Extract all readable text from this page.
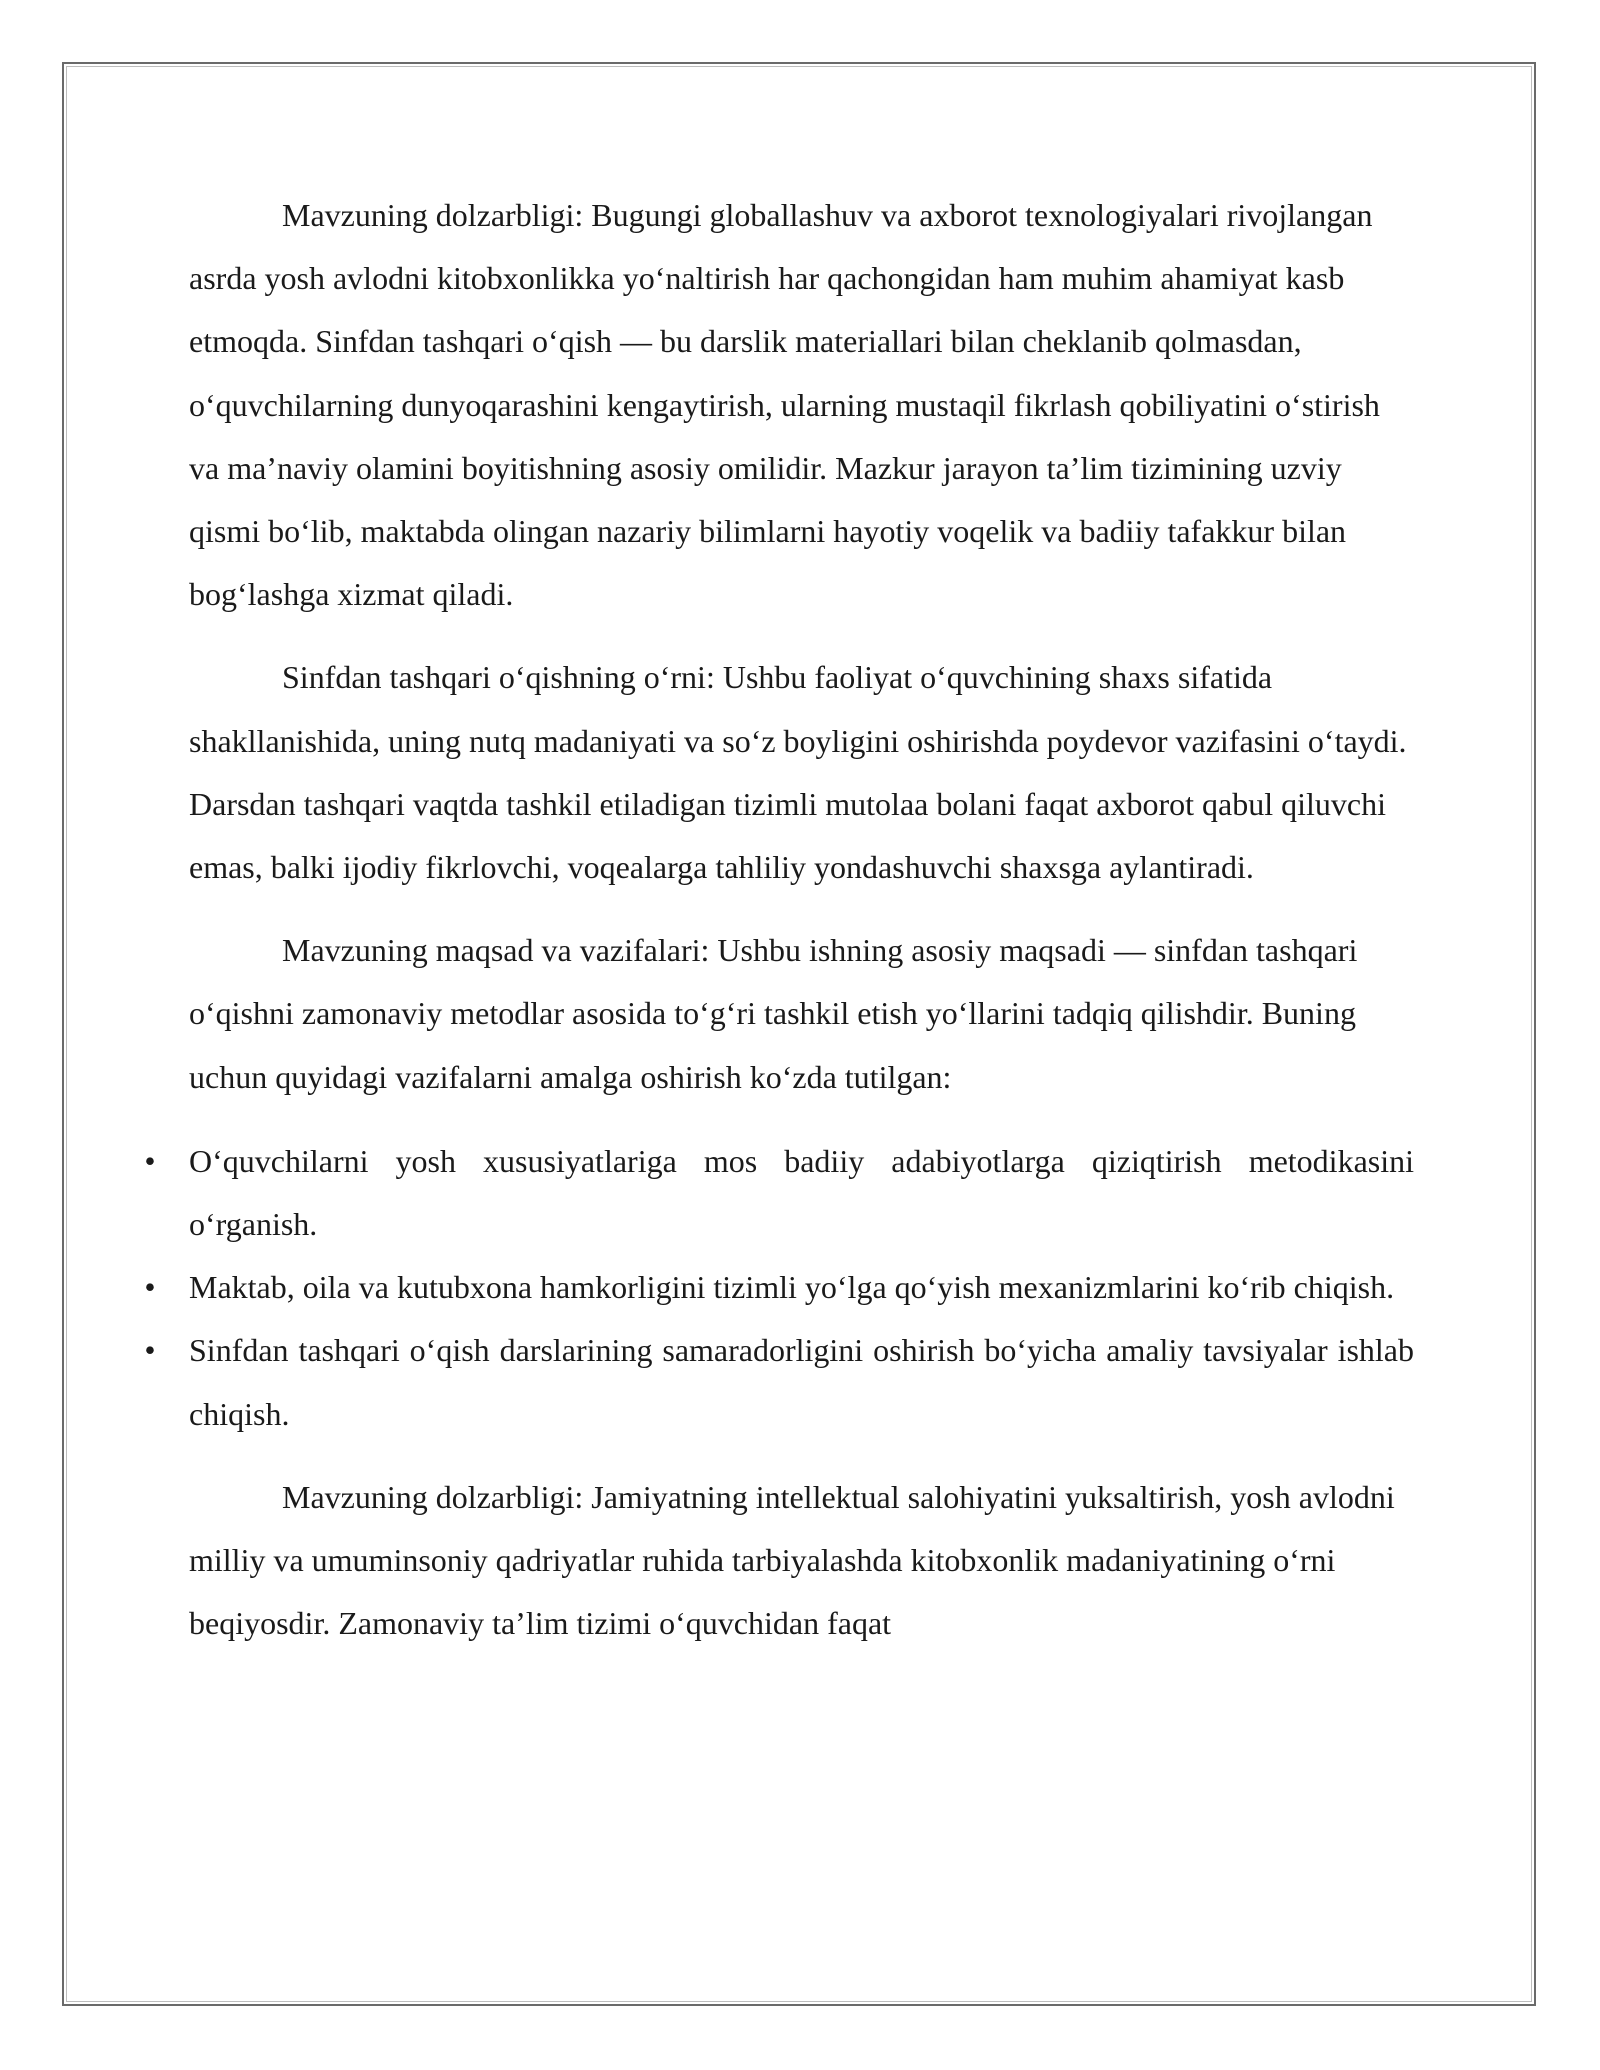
Mavzuning dolzarbligi: Bugungi globallashuv va axborot texnologiyalari rivojlangan asrda yosh avlodni kitobxonlikka yo‘naltirish har qachongidan ham muhim ahamiyat kasb etmoqda. Sinfdan tashqari o‘qish — bu darslik materiallari bilan cheklanib qolmasdan, o‘quvchilarning dunyoqarashini kengaytirish, ularning mustaqil fikrlash qobiliyatini o‘stirish va ma’naviy olamini boyitishning asosiy omilidir. Mazkur jarayon ta’lim tizimining uzviy qismi bo‘lib, maktabda olingan nazariy bilimlarni hayotiy voqelik va badiiy tafakkur bilan bog‘lashga xizmat qiladi.

Sinfdan tashqari o‘qishning o‘rni: Ushbu faoliyat o‘quvchining shaxs sifatida shakllanishida, uning nutq madaniyati va so‘z boyligini oshirishda poydevor vazifasini o‘taydi. Darsdan tashqari vaqtda tashkil etiladigan tizimli mutolaa bolani faqat axborot qabul qiluvchi emas, balki ijodiy fikrlovchi, voqealarga tahliliy yondashuvchi shaxsga aylantiradi.

Mavzuning maqsad va vazifalari: Ushbu ishning asosiy maqsadi — sinfdan tashqari o‘qishni zamonaviy metodlar asosida to‘g‘ri tashkil etish yo‘llarini tadqiq qilishdir. Buning uchun quyidagi vazifalarni amalga oshirish ko‘zda tutilgan:

• O‘quvchilarni yosh xususiyatlariga mos badiiy adabiyotlarga qiziqtirish metodikasini o‘rganish.
• Maktab, oila va kutubxona hamkorligini tizimli yo‘lga qo‘yish mexanizmlarini ko‘rib chiqish.
• Sinfdan tashqari o‘qish darslarining samaradorligini oshirish bo‘yicha amaliy tavsiyalar ishlab chiqish.

Mavzuning dolzarbligi: Jamiyatning intellektual salohiyatini yuksaltirish, yosh avlodni milliy va umuminsoniy qadriyatlar ruhida tarbiyalashda kitobxonlik madaniyatining o‘rni beqiyosdir. Zamonaviy ta’lim tizimi o‘quvchidan faqat
